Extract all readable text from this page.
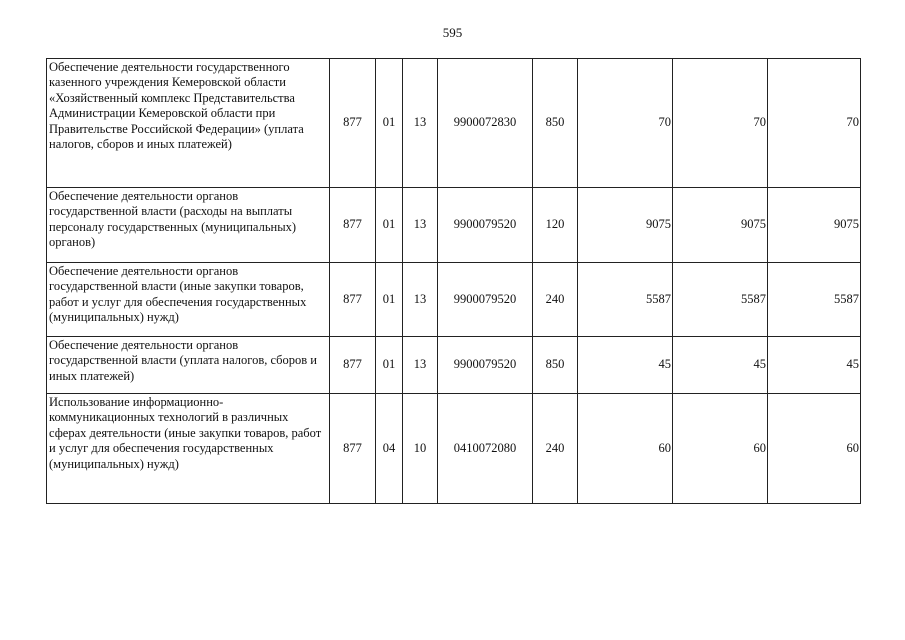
595
Обеспечение деятельности государственного казенного учреждения Кемеровской области «Хозяйственный комплекс Представительства Администрации Кемеровской области при Правительстве Российской Федерации» (уплата налогов, сборов и иных платежей)	877	01	13	9900072830	850	70	70	70
Обеспечение деятельности органов государственной власти (расходы на выплаты персоналу государственных (муниципальных) органов)	877	01	13	9900079520	120	9075	9075	9075
Обеспечение деятельности органов государственной власти (иные закупки товаров, работ и услуг для обеспечения государственных (муниципальных) нужд)	877	01	13	9900079520	240	5587	5587	5587
Обеспечение деятельности органов государственной власти (уплата налогов, сборов и иных платежей)	877	01	13	9900079520	850	45	45	45
Использование информационно-коммуникационных технологий в различных сферах деятельности (иные закупки товаров, работ и услуг для обеспечения государственных (муниципальных) нужд)	877	04	10	0410072080	240	60	60	60
